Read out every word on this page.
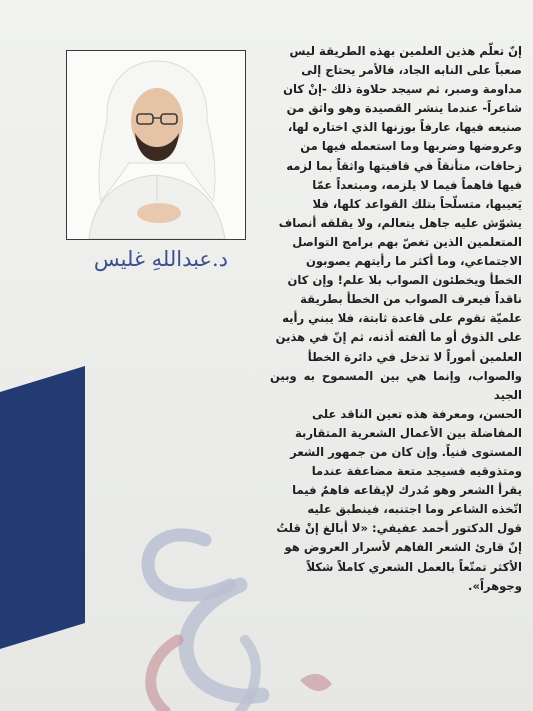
د.عبداللهِ غليس

إنّ تعلّم هذين العلمين بهذه الطريقة ليس

صعباً على النابه الجاد، فالأمر يحتاج إلى

مداومة وصبر، ثم سيجد حلاوة ذلك -إنْ كان

شاعراً- عندما ينشر القصيدة وهو واثق من

صنيعه فيها، عارفاً بوزنها الذي اختاره لها،

وعروضها وضربها وما استعمله فيها من

زحافات، متأنقاً في قافيتها واثقاً بما لزمه

فيها فاهماً فيما لا يلزمه، ومبتعداً عمّا

يَعيبها، متسلّحاً بتلك القواعد كلها، فلا

يشوّش عليه جاهل يتعالم، ولا يقلقه أنصاف

المتعلمين الذين تغصّ بهم برامج التواصل

الاجتماعي، وما أكثر ما رأيتهم يصوبون

الخطأ ويخطئون الصواب بلا علم! وإن كان

ناقداً فيعرف الصواب من الخطأ بطريقة

علميّة تقوم على قاعدة ثابتة، فلا يبني رأيه

على الذوق أو ما ألفته أذنه، ثم إنّ في هذين

العلمين أموراً لا تدخل في دائرة الخطأ

والصواب، وإنما هي بين المسموح به وبين الجيد

الحسن، ومعرفة هذه تعين الناقد على

المفاضلة بين الأعمال الشعرية المتقاربة

المستوى فنياً. وإن كان من جمهور الشعر

ومتذوقيه فسيجد متعة مضاعفة عندما

يقرأ الشعر وهو مُدرك لإيقاعه فاهمٌ فيما

اتّخذه الشاعر وما اجتنبه، فينطبق عليه

قول الدكتور أحمد عفيفي: «لا أبالغ إنْ قلتُ

إنّ قارئ الشعر الفاهم لأسرار العروض هو

الأكثر تمتّعاً بالعمل الشعري كاملاً شكلاً

وجوهراً».
